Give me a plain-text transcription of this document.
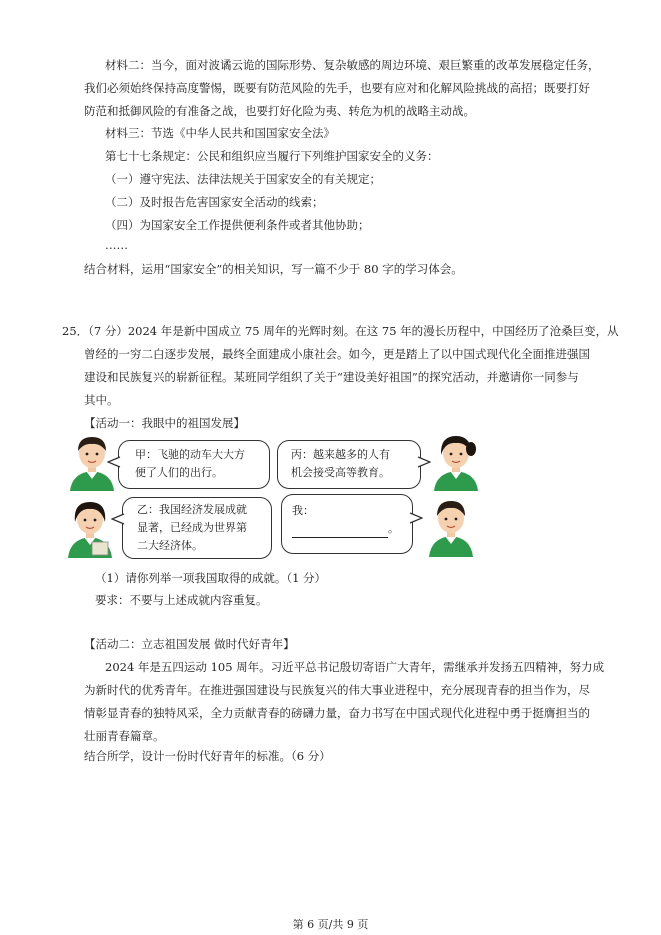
材料二：当今，面对波谲云诡的国际形势、复杂敏感的周边环境、艰巨繁重的改革发展稳定任务，
我们必须始终保持高度警惕，既要有防范风险的先手，也要有应对和化解风险挑战的高招；既要打好
防范和抵御风险的有准备之战，也要打好化险为夷、转危为机的战略主动战。
材料三：节选《中华人民共和国国家安全法》
第七十七条规定：公民和组织应当履行下列维护国家安全的义务：
（一）遵守宪法、法律法规关于国家安全的有关规定；
（二）及时报告危害国家安全活动的线索；
（四）为国家安全工作提供便利条件或者其他协助；
……
结合材料，运用“国家安全”的相关知识，写一篇不少于 80 字的学习体会。
25．（7 分）2024 年是新中国成立 75 周年的光辉时刻。在这 75 年的漫长历程中，中国经历了沧桑巨变，从
曾经的一穷二白逐步发展，最终全面建成小康社会。如今，更是踏上了以中国式现代化全面推进强国
建设和民族复兴的崭新征程。某班同学组织了关于“建设美好祖国”的探究活动，并邀请你一同参与
其中。
【活动一：我眼中的祖国发展】
甲：飞驰的动车大大方
便了人们的出行。
丙：越来越多的人有
机会接受高等教育。
乙：我国经济发展成就
显著，已经成为世界第
二大经济体。
我：
。
（1）请你列举一项我国取得的成就。（1 分）
要求：不要与上述成就内容重复。
【活动二：立志祖国发展 做时代好青年】
2024 年是五四运动 105 周年。习近平总书记殷切寄语广大青年，需继承并发扬五四精神，努力成
为新时代的优秀青年。在推进强国建设与民族复兴的伟大事业进程中，充分展现青春的担当作为，尽
情彰显青春的独特风采，全力贡献青春的磅礴力量，奋力书写在中国式现代化进程中勇于挺膺担当的
壮丽青春篇章。
结合所学，设计一份时代好青年的标准。（6 分）
第 6 页/共 9 页
